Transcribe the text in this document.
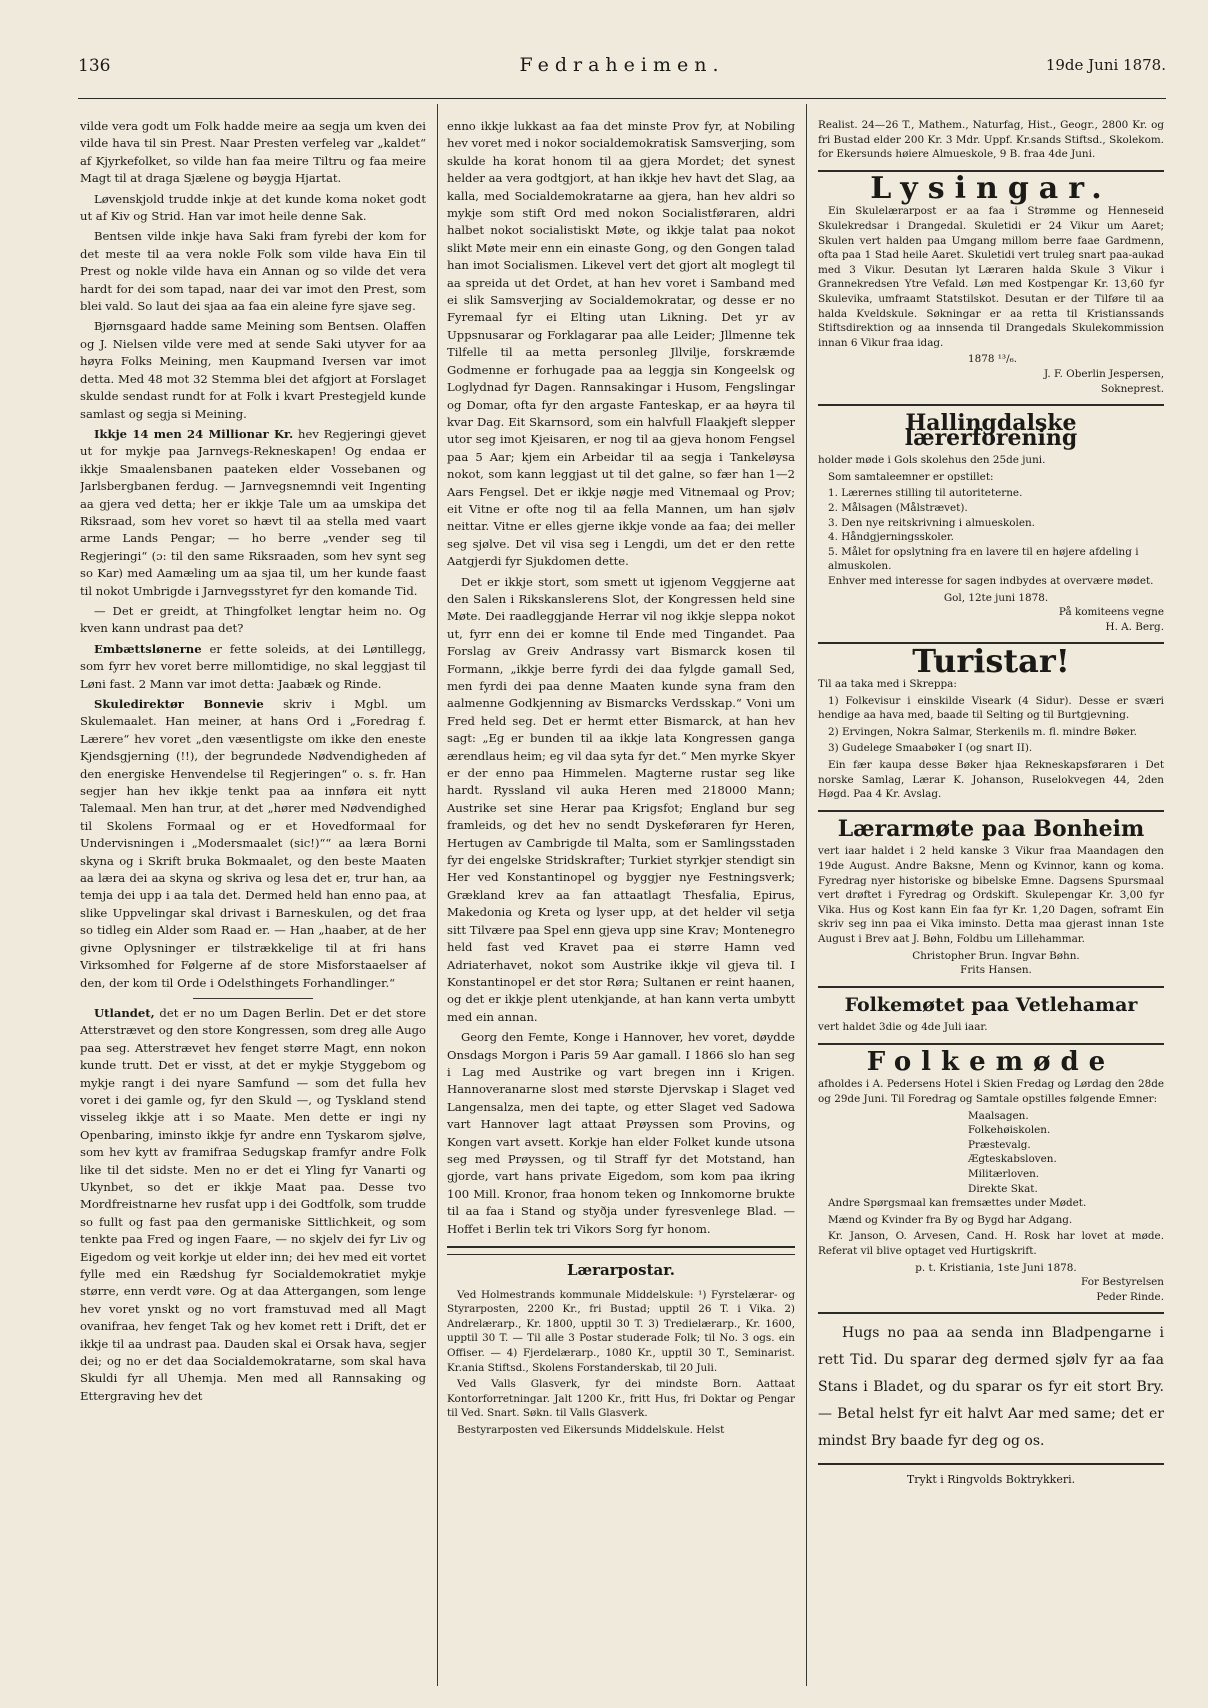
136	Fedraheimen.	19de Juni 1878.

vilde vera godt um Folk hadde meire aa segja um kven dei vilde hava til sin Prest. Naar Presten verfeleg var „kaldet“ af Kjyrkefolket, so vilde han faa meire Tiltru og faa meire Magt til at draga Sjælene og bøygja Hjartat.

Løvenskjold trudde inkje at det kunde koma noket godt ut af Kiv og Strid. Han var imot heile denne Sak.

Bentsen vilde inkje hava Saki fram fyrebi der kom for det meste til aa vera nokle Folk som vilde hava Ein til Prest og nokle vilde hava ein Annan og so vilde det vera hardt for dei som tapad, naar dei var imot den Prest, som blei vald. So laut dei sjaa aa faa ein aleine fyre sjave seg.

Bjørnsgaard hadde same Meining som Bentsen. Olaffen og J. Nielsen vilde vere med at sende Saki utyver for aa høyra Folks Meining, men Kaupmand Iversen var imot detta. Med 48 mot 32 Stemma blei det afgjort at Forslaget skulde sendast rundt for at Folk i kvart Prestegjeld kunde samlast og segja si Meining.

Ikkje 14 men 24 Millionar Kr. hev Regjeringi gjevet ut for mykje paa Jarnvegs-Rekneskapen! Og endaa er ikkje Smaalensbanen paateken elder Vossebanen og Jarlsbergbanen ferdug. — Jarnvegsnemndi veit Ingenting aa gjera ved detta; her er ikkje Tale um aa umskipa det Riksraad, som hev voret so hævt til aa stella med vaart arme Lands Pengar; — ho berre „vender seg til Regjeringi“ (ɔ: til den same Riksraaden, som hev synt seg so Kar) med Aamæling um aa sjaa til, um her kunde faast til nokot Umbrigde i Jarnvegsstyret fyr den komande Tid.

— Det er greidt, at Thingfolket lengtar heim no. Og kven kann undrast paa det?

Embættslønerne er fette soleids, at dei Løntillegg, som fyrr hev voret berre millomtidige, no skal leggjast til Løni fast. 2 Mann var imot detta: Jaabæk og Rinde.

Skuledirektør Bonnevie skriv i Mgbl. um Skulemaalet. Han meiner, at hans Ord i „Foredrag f. Lærere“ hev voret „den væsentligste om ikke den eneste Kjendsgjerning (!!), der begrundede Nødvendigheden af den energiske Henvendelse til Regjeringen“ o. s. fr. Han segjer han hev ikkje tenkt paa aa innføra eit nytt Talemaal. Men han trur, at det „hører med Nødvendighed til Skolens Formaal og er et Hovedformaal for Undervisningen i „Modersmaalet (sic!)““ aa læra Borni skyna og i Skrift bruka Bokmaalet, og den beste Maaten aa læra dei aa skyna og skriva og lesa det er, trur han, aa temja dei upp i aa tala det. Dermed held han enno paa, at slike Uppvelingar skal drivast i Barneskulen, og det fraa so tidleg ein Alder som Raad er. — Han „haaber, at de her givne Oplysninger er tilstrækkelige til at fri hans Virksomhed for Følgerne af de store Misforstaaelser af den, der kom til Orde i Odelsthingets Forhandlinger.“

Utlandet, det er no um Dagen Berlin. Det er det store Atterstrævet og den store Kongressen, som dreg alle Augo paa seg. Atterstrævet hev fenget større Magt, enn nokon kunde trutt. Det er visst, at det er mykje Styggebom og mykje rangt i dei nyare Samfund — som det fulla hev voret i dei gamle og, fyr den Skuld —, og Tyskland stend visseleg ikkje att i so Maate. Men dette er ingi ny Openbaring, iminsto ikkje fyr andre enn Tyskarom sjølve, som hev kytt av framifraa Sedugskap framfyr andre Folk like til det sidste. Men no er det ei Yling fyr Vanarti og Ukynbet, so det er ikkje Maat paa. Desse tvo Mordfreistnarne hev rusfat upp i dei Godtfolk, som trudde so fullt og fast paa den germaniske Sittlichkeit, og som tenkte paa Fred og ingen Faare, — no skjelv dei fyr Liv og Eigedom og veit korkje ut elder inn; dei hev med eit vortet fylle med ein Rædshug fyr Socialdemokratiet mykje større, enn verdt vøre. Og at daa Attergangen, som lenge hev voret ynskt og no vort framstuvad med all Magt ovanifraa, hev fenget Tak og hev komet rett i Drift, det er ikkje til aa undrast paa. Dauden skal ei Orsak hava, segjer dei; og no er det daa Socialdemokratarne, som skal hava Skuldi fyr all Uhemja. Men med all Rannsaking og Ettergraving hev det

enno ikkje lukkast aa faa det minste Prov fyr, at Nobiling hev voret med i nokor socialdemokratisk Samsverjing, som skulde ha korat honom til aa gjera Mordet; det synest helder aa vera godtgjort, at han ikkje hev havt det Slag, aa kalla, med Socialdemokratarne aa gjera, han hev aldri so mykje som stift Ord med nokon Socialistføraren, aldri halbet nokot socialistiskt Møte, og ikkje talat paa nokot slikt Møte meir enn ein einaste Gong, og den Gongen talad han imot Socialismen. Likevel vert det gjort alt moglegt til aa spreida ut det Ordet, at han hev voret i Samband med ei slik Samsverjing av Socialdemokratar, og desse er no Fyremaal fyr ei Elting utan Likning. Det yr av Uppsnusarar og Forklagarar paa alle Leider; Jllmenne tek Tilfelle til aa metta personleg Jllvilje, forskræmde Godmenne er forhugade paa aa leggja sin Kongeelsk og Loglydnad fyr Dagen. Rannsakingar i Husom, Fengslingar og Domar, ofta fyr den argaste Fanteskap, er aa høyra til kvar Dag. Eit Skarnsord, som ein halvfull Flaakjeft slepper utor seg imot Kjeisaren, er nog til aa gjeva honom Fengsel paa 5 Aar; kjem ein Arbeidar til aa segja i Tankeløysa nokot, som kann leggjast ut til det galne, so fær han 1—2 Aars Fengsel. Det er ikkje nøgje med Vitnemaal og Prov; eit Vitne er ofte nog til aa fella Mannen, um han sjølv neittar. Vitne er elles gjerne ikkje vonde aa faa; dei meller seg sjølve. Det vil visa seg i Lengdi, um det er den rette Aatgjerdi fyr Sjukdomen dette.

Det er ikkje stort, som smett ut igjenom Veggjerne aat den Salen i Rikskanslerens Slot, der Kongressen held sine Møte. Dei raadleggjande Herrar vil nog ikkje sleppa nokot ut, fyrr enn dei er komne til Ende med Tingandet. Paa Forslag av Greiv Andrassy vart Bismarck kosen til Formann, „ikkje berre fyrdi dei daa fylgde gamall Sed, men fyrdi dei paa denne Maaten kunde syna fram den aalmenne Godkjenning av Bismarcks Verdsskap.“ Voni um Fred held seg. Det er hermt etter Bismarck, at han hev sagt: „Eg er bunden til aa ikkje lata Kongressen ganga ærendlaus heim; eg vil daa syta fyr det.“ Men myrke Skyer er der enno paa Himmelen. Magterne rustar seg like hardt. Ryssland vil auka Heren med 218000 Mann; Austrike set sine Herar paa Krigsfot; England bur seg framleids, og det hev no sendt Dyskeføraren fyr Heren, Hertugen av Cambrigde til Malta, som er Samlingsstaden fyr dei engelske Stridskrafter; Turkiet styrkjer stendigt sin Her ved Konstantinopel og byggjer nye Festningsverk; Grækland krev aa fan attaatlagt Thesfalia, Epirus, Makedonia og Kreta og lyser upp, at det helder vil setja sitt Tilvære paa Spel enn gjeva upp sine Krav; Montenegro held fast ved Kravet paa ei større Hamn ved Adriaterhavet, nokot som Austrike ikkje vil gjeva til. I Konstantinopel er det stor Røra; Sultanen er reint haanen, og det er ikkje plent utenkjande, at han kann verta umbytt med ein annan.

Georg den Femte, Konge i Hannover, hev voret, døydde Onsdags Morgon i Paris 59 Aar gamall. I 1866 slo han seg i Lag med Austrike og vart bregen inn i Krigen. Hannoveranarne slost med største Djervskap i Slaget ved Langensalza, men dei tapte, og etter Slaget ved Sadowa vart Hannover lagt attaat Prøyssen som Provins, og Kongen vart avsett. Korkje han elder Folket kunde utsona seg med Prøyssen, og til Straff fyr det Motstand, han gjorde, vart hans private Eigedom, som kom paa ikring 100 Mill. Kronor, fraa honom teken og Innkomorne brukte til aa faa i Stand og styðja under fyresvenlege Blad. — Hoffet i Berlin tek tri Vikors Sorg fyr honom.

Lærarpostar.

Ved Holmestrands kommunale Middelskule: ¹) Fyrstelærar- og Styrarposten, 2200 Kr., fri Bustad; upptil 26 T. i Vika. 2) Andrelærarp., Kr. 1800, upptil 30 T. 3) Tredielærarp., Kr. 1600, upptil 30 T. — Til alle 3 Postar studerade Folk; til No. 3 ogs. ein Offiser. — 4) Fjerdelærarp., 1080 Kr., upptil 30 T., Seminarist. Kr.ania Stiftsd., Skolens Forstanderskab, til 20 Juli.

Ved Valls Glasverk, fyr dei mindste Born. Aattaat Kontorforretningar. Jalt 1200 Kr., fritt Hus, fri Doktar og Pengar til Ved. Snart. Søkn. til Valls Glasverk.

Bestyrarposten ved Eikersunds Middelskule. Helst

Realist. 24—26 T., Mathem., Naturfag, Hist., Geogr., 2800 Kr. og fri Bustad elder 200 Kr. 3 Mdr. Uppf. Kr.sands Stiftsd., Skolekom. for Ekersunds høiere Almueskole, 9 B. fraa 4de Juni.

Lysingar.

Ein Skulelærarpost er aa faa i Strømme og Henneseid Skulekredsar i Drangedal. Skuletidi er 24 Vikur um Aaret; Skulen vert halden paa Umgang millom berre faae Gardmenn, ofta paa 1 Stad heile Aaret. Skuletidi vert truleg snart paa-aukad med 3 Vikur. Desutan lyt Læraren halda Skule 3 Vikur i Grannekredsen Ytre Vefald. Løn med Kostpengar Kr. 13,60 fyr Skulevika, umfraamt Statstilskot. Desutan er der Tilføre til aa halda Kveldskule. Søkningar er aa retta til Kristianssands Stiftsdirektion og aa innsenda til Drangedals Skulekommission innan 6 Vikur fraa idag.

1878 ¹³/₆.

J. F. Oberlin Jespersen,

Sokneprest.

Hallingdalske lærerforening

holder møde i Gols skolehus den 25de juni.

Som samtaleemner er opstillet:

1. Lærernes stilling til autoriteterne.
2. Målsagen (Målstrævet).
3. Den nye reitskrivning i almueskolen.
4. Håndgjerningsskoler.
5. Målet for opslytning fra en lavere til en højere afdeling i almuskolen.

Enhver med interesse for sagen indbydes at overvære mødet.

Gol, 12te juni 1878.

På komiteens vegne

H. A. Berg.

Turistar!

Til aa taka med i Skreppa:

1) Folkevisur i einskilde Viseark (4 Sidur). Desse er sværi hendige aa hava med, baade til Selting og til Burtgjevning.

2) Ervingen, Nokra Salmar, Sterkenils m. fl. mindre Bøker.

3) Gudelege Smaabøker I (og snart II).

Ein fær kaupa desse Bøker hjaa Rekneskapsføraren i Det norske Samlag, Lærar K. Johanson, Ruselokvegen 44, 2den Høgd. Paa 4 Kr. Avslag.

Lærarmøte paa Bonheim

vert iaar haldet i 2 held kanske 3 Vikur fraa Maandagen den 19de August. Andre Baksne, Menn og Kvinnor, kann og koma. Fyredrag nyer historiske og bibelske Emne. Dagsens Spursmaal vert drøftet i Fyredrag og Ordskift. Skulepengar Kr. 3,00 fyr Vika. Hus og Kost kann Ein faa fyr Kr. 1,20 Dagen, soframt Ein skriv seg inn paa ei Vika iminsto. Detta maa gjerast innan 1ste August i Brev aat J. Bøhn, Foldbu um Lillehammar.

Christopher Brun. Ingvar Bøhn.

Frits Hansen.

Folkemøtet paa Vetlehamar

vert haldet 3die og 4de Juli iaar.

Folkemøde

afholdes i A. Pedersens Hotel i Skien Fredag og Lørdag den 28de og 29de Juni. Til Foredrag og Samtale opstilles følgende Emner:

Maalsagen.

Folkehøiskolen.

Præstevalg.

Ægteskabsloven.

Militærloven.

Direkte Skat.

Andre Spørgsmaal kan fremsættes under Mødet.

Mænd og Kvinder fra By og Bygd har Adgang.

Kr. Janson, O. Arvesen, Cand. H. Rosk har lovet at møde. Referat vil blive optaget ved Hurtigskrift.

p. t. Kristiania, 1ste Juni 1878.

For Bestyrelsen

Peder Rinde.

Hugs no paa aa senda inn Bladpengarne i rett Tid. Du sparar deg dermed sjølv fyr aa faa Stans i Bladet, og du sparar os fyr eit stort Bry. — Betal helst fyr eit halvt Aar med same; det er mindst Bry baade fyr deg og os.

Trykt i Ringvolds Boktrykkeri.
